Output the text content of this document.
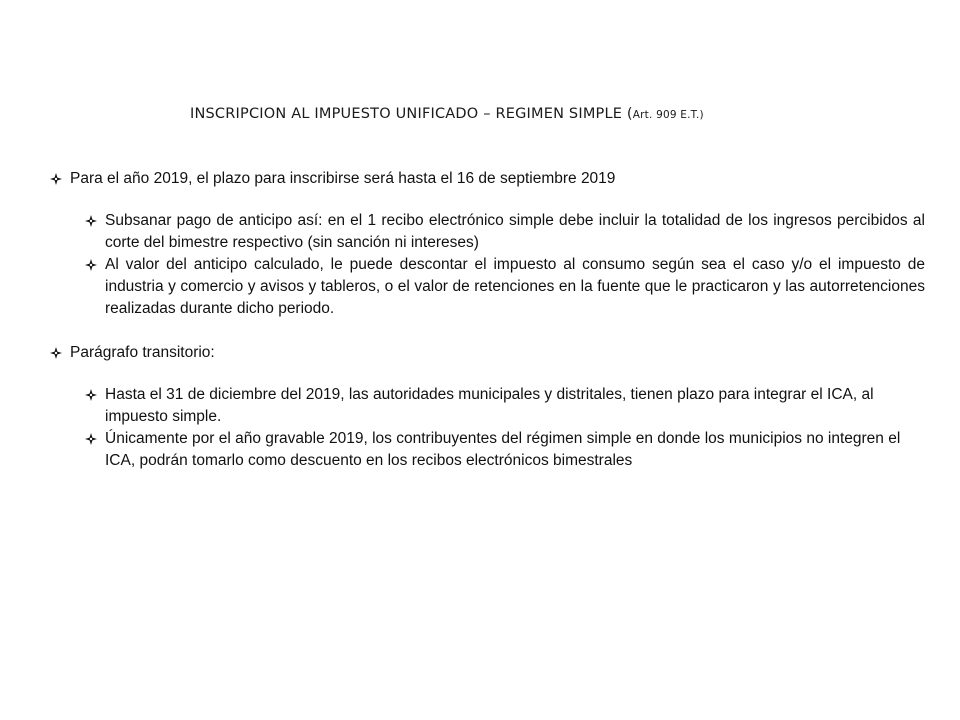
INSCRIPCION AL IMPUESTO UNIFICADO – REGIMEN SIMPLE (Art. 909 E.T.)
Para el año 2019, el plazo para inscribirse será hasta el 16 de septiembre 2019
Subsanar pago de anticipo así: en el 1 recibo electrónico simple debe incluir la totalidad de los ingresos percibidos al corte del bimestre respectivo (sin sanción ni intereses)
Al valor del anticipo calculado, le puede descontar el impuesto al consumo según sea el caso y/o el impuesto de industria y comercio y avisos y tableros, o el valor de retenciones en la fuente que le practicaron y las autorretenciones realizadas durante dicho periodo.
Parágrafo transitorio:
Hasta el 31 de diciembre del 2019, las autoridades municipales y distritales, tienen plazo para integrar el ICA, al impuesto simple.
Únicamente por el año gravable 2019, los contribuyentes del régimen simple en donde los municipios no integren el ICA, podrán tomarlo como descuento en los recibos electrónicos bimestrales
